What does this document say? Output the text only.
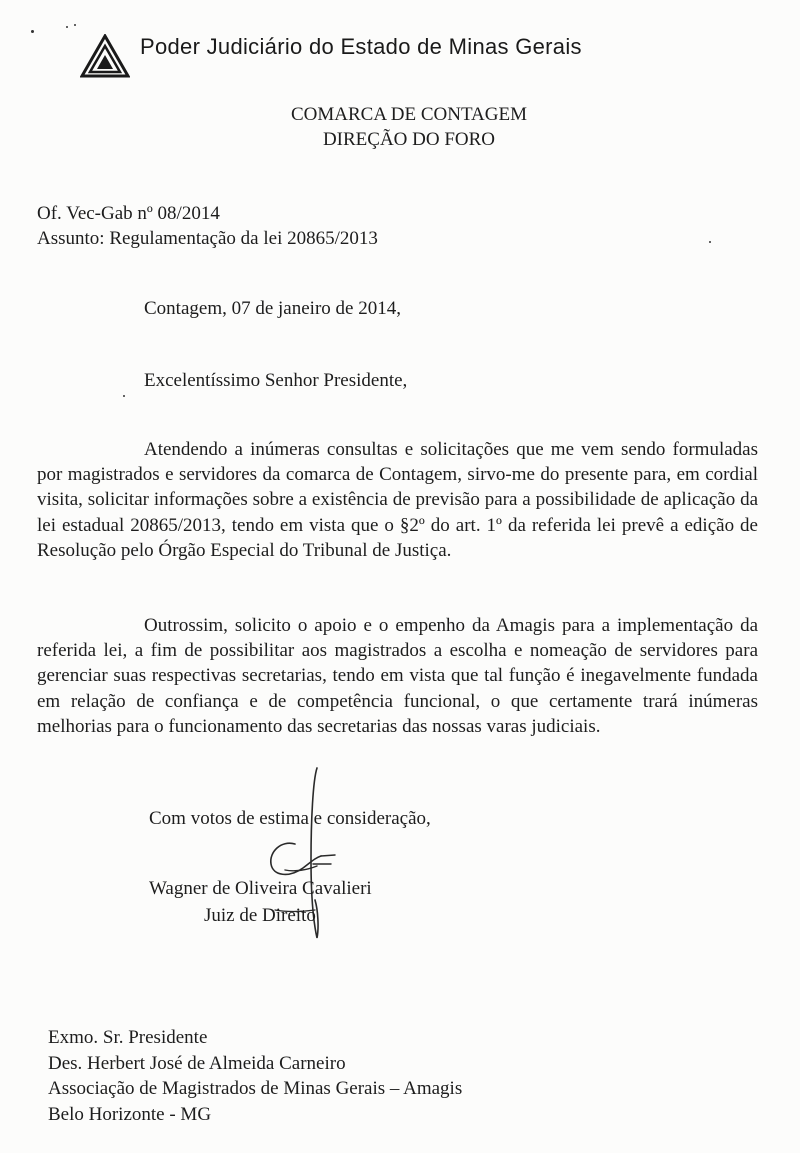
Poder Judiciário do Estado de Minas Gerais
COMARCA DE CONTAGEM
DIREÇÃO DO FORO
Of. Vec-Gab nº 08/2014
Assunto: Regulamentação da lei 20865/2013
Contagem, 07 de janeiro de 2014,
Excelentíssimo Senhor Presidente,
Atendendo a inúmeras consultas e solicitações que me vem sendo formuladas por magistrados e servidores da comarca de Contagem, sirvo-me do presente para, em cordial visita, solicitar informações sobre a existência de previsão para a possibilidade de aplicação da lei estadual 20865/2013, tendo em vista que o §2º do art. 1º da referida lei prevê a edição de Resolução pelo Órgão Especial do Tribunal de Justiça.
Outrossim, solicito o apoio e o empenho da Amagis para a implementação da referida lei, a fim de possibilitar aos magistrados a escolha e nomeação de servidores para gerenciar suas respectivas secretarias, tendo em vista que tal função é inegavelmente fundada em relação de confiança e de competência funcional, o que certamente trará inúmeras melhorias para o funcionamento das secretarias das nossas varas judiciais.
Com votos de estima e consideração,
Wagner de Oliveira Cavalieri
Juiz de Direito
Exmo. Sr. Presidente
Des. Herbert José de Almeida Carneiro
Associação de Magistrados de Minas Gerais – Amagis
Belo Horizonte - MG
